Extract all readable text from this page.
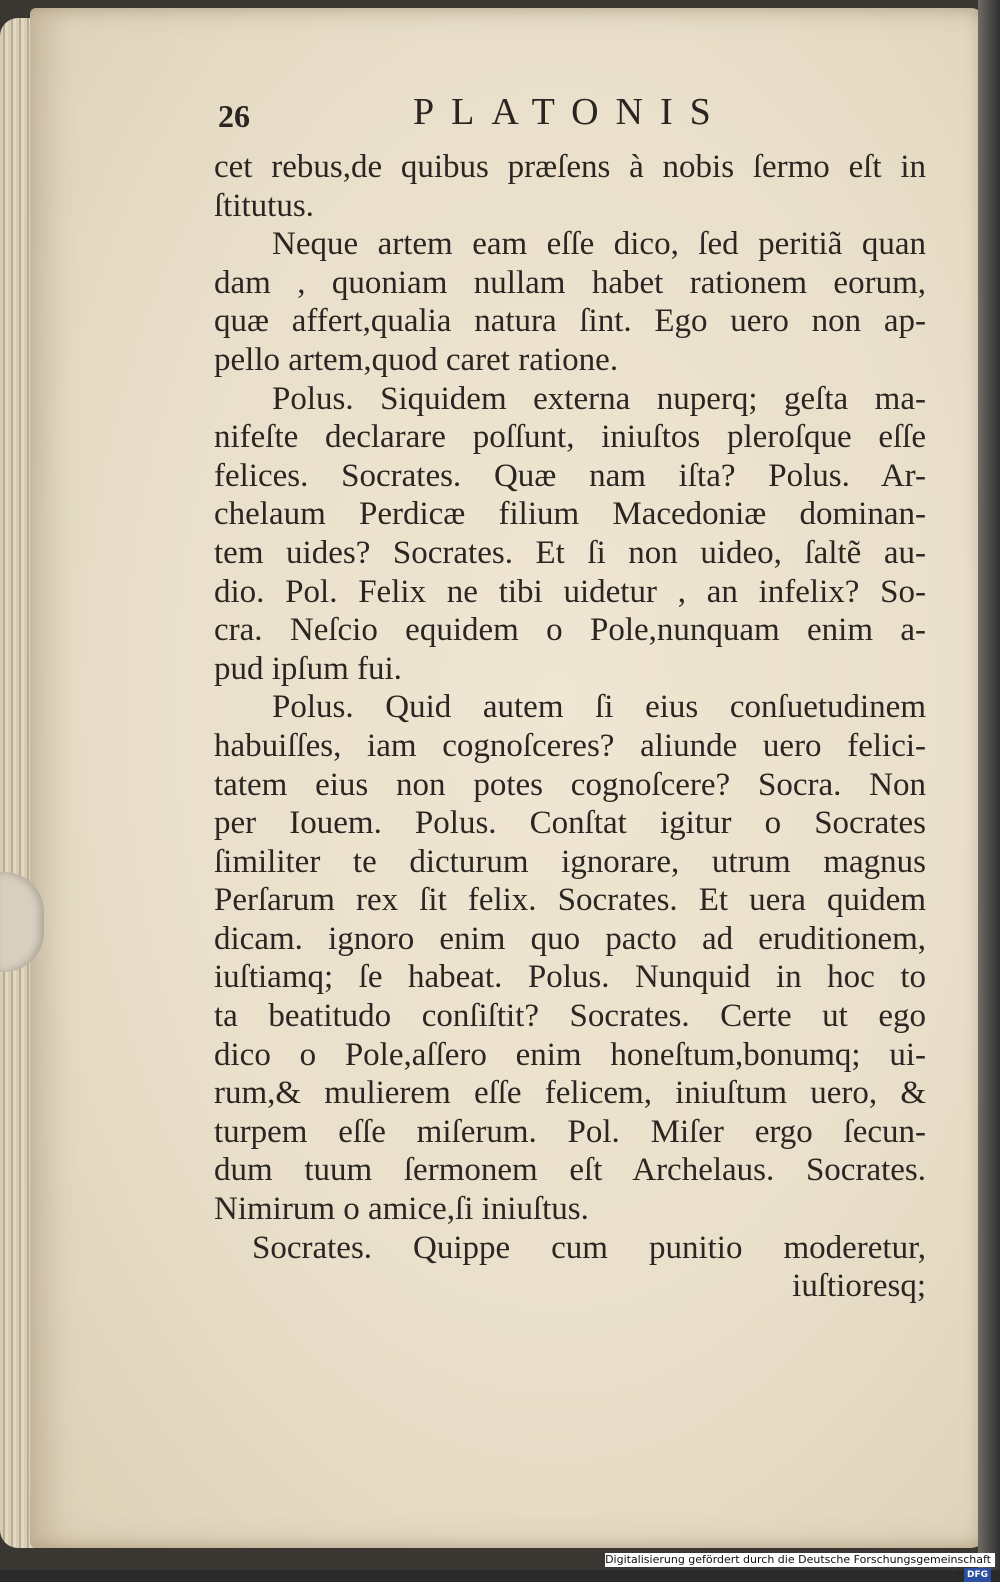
26	PLATONIS
cet rebus,de quibus præſens à nobis ſermo eſt in
ſtitutus.
Neque artem eam eſſe dico, ſed peritiã quan
dam , quoniam nullam habet rationem eorum,
quæ affert,qualia natura ſint. Ego uero non ap-
pello artem,quod caret ratione.
Polus. Siquidem externa nuperq; geſta ma-
nifeſte declarare poſſunt, iniuſtos pleroſque eſſe
felices. Socrates. Quæ nam iſta? Polus. Ar-
chelaum Perdicæ filium Macedoniæ dominan-
tem uides? Socrates. Et ſi non uideo, ſaltẽ au-
dio. Pol. Felix ne tibi uidetur , an infelix? So-
cra. Neſcio equidem o Pole,nunquam enim a-
pud ipſum fui.
Polus. Quid autem ſi eius conſuetudinem
habuiſſes, iam cognoſceres? aliunde uero felici-
tatem eius non potes cognoſcere? Socra. Non
per Iouem. Polus. Conſtat igitur o Socrates
ſimiliter te dicturum ignorare, utrum magnus
Perſarum rex ſit felix. Socrates. Et uera quidem
dicam. ignoro enim quo pacto ad eruditionem,
iuſtiamq; ſe habeat. Polus. Nunquid in hoc to
ta beatitudo conſiſtit? Socrates. Certe ut ego
dico o Pole,aſſero enim honeſtum,bonumq; ui-
rum,& mulierem eſſe felicem, iniuſtum uero, &
turpem eſſe miſerum. Pol. Miſer ergo ſecun-
dum tuum ſermonem eſt Archelaus. Socrates.
Nimirum o amice,ſi iniuſtus.
Socrates. Quippe cum punitio moderetur,
iuſtioresq;
Digitalisierung gefördert durch die Deutsche Forschungsgemeinschaft · DFG
